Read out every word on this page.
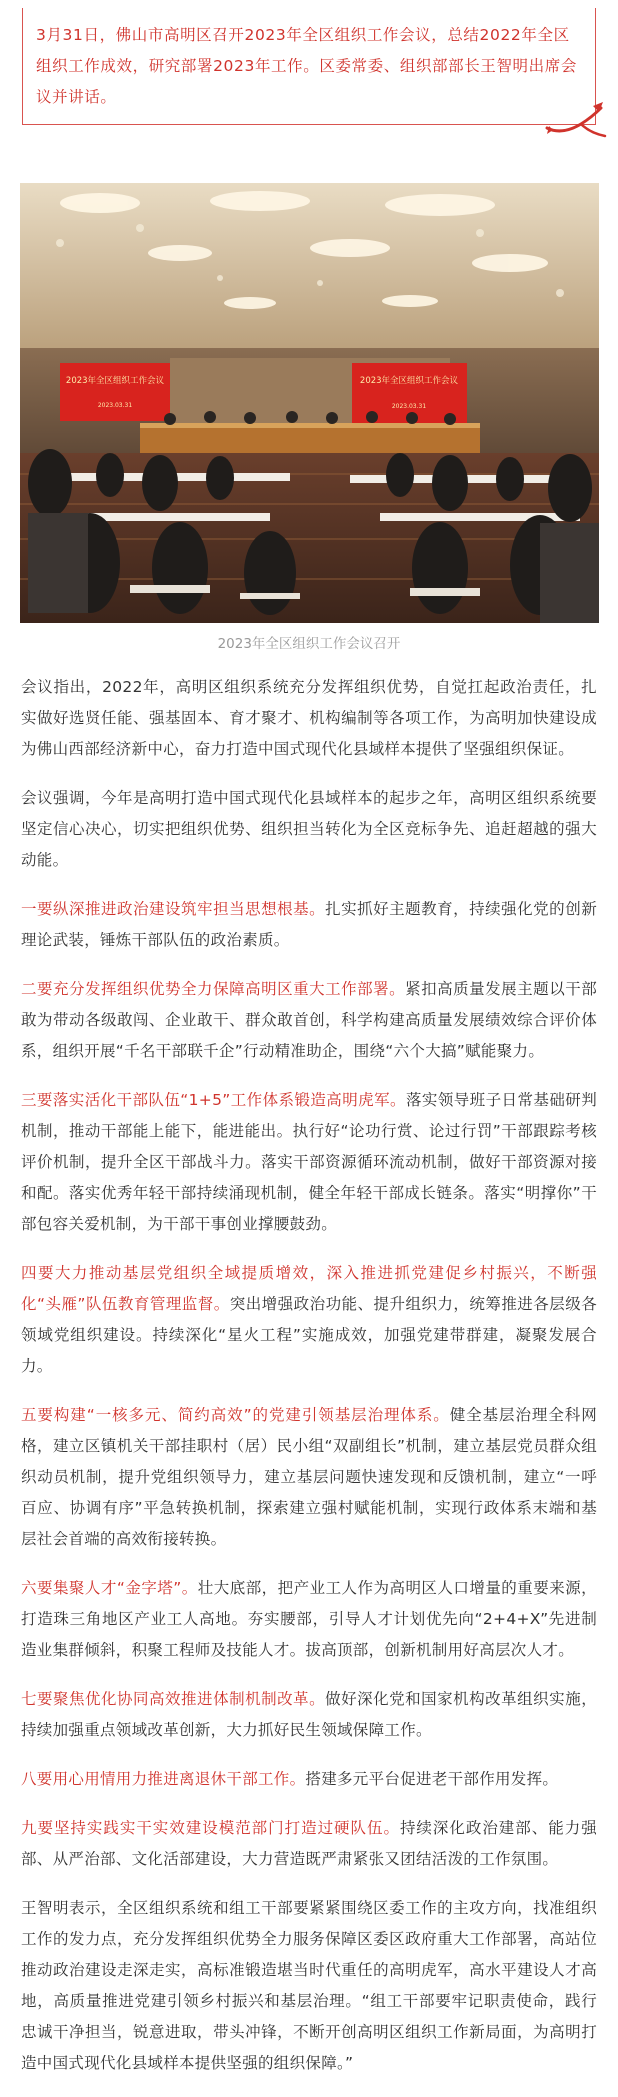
3月31日，佛山市高明区召开2023年全区组织工作会议，总结2022年全区组织工作成效，研究部署2023年工作。区委常委、组织部部长王智明出席会议并讲话。
2023年全区组织工作会议
2023.03.31
2023年全区组织工作会议
2023.03.31
2023年全区组织工作会议召开

会议指出，2022年，高明区组织系统充分发挥组织优势，自觉扛起政治责任，扎实做好选贤任能、强基固本、育才聚才、机构编制等各项工作，为高明加快建设成为佛山西部经济新中心，奋力打造中国式现代化县域样本提供了坚强组织保证。

会议强调，今年是高明打造中国式现代化县域样本的起步之年，高明区组织系统要坚定信心决心，切实把组织优势、组织担当转化为全区竞标争先、追赶超越的强大动能。

一要纵深推进政治建设筑牢担当思想根基。扎实抓好主题教育，持续强化党的创新理论武装，锤炼干部队伍的政治素质。

二要充分发挥组织优势全力保障高明区重大工作部署。紧扣高质量发展主题以干部敢为带动各级敢闯、企业敢干、群众敢首创，科学构建高质量发展绩效综合评价体系，组织开展“千名干部联千企”行动精准助企，围绕“六个大搞”赋能聚力。

三要落实活化干部队伍“1+5”工作体系锻造高明虎军。落实领导班子日常基础研判机制，推动干部能上能下，能进能出。执行好“论功行赏、论过行罚”干部跟踪考核评价机制，提升全区干部战斗力。落实干部资源循环流动机制，做好干部资源对接和配。落实优秀年轻干部持续涌现机制，健全年轻干部成长链条。落实“明撑你”干部包容关爱机制，为干部干事创业撑腰鼓劲。

四要大力推动基层党组织全域提质增效，深入推进抓党建促乡村振兴，不断强化“头雁”队伍教育管理监督。突出增强政治功能、提升组织力，统筹推进各层级各领域党组织建设。持续深化“星火工程”实施成效，加强党建带群建，凝聚发展合力。

五要构建“一核多元、简约高效”的党建引领基层治理体系。健全基层治理全科网格，建立区镇机关干部挂职村（居）民小组“双副组长”机制，建立基层党员群众组织动员机制，提升党组织领导力，建立基层问题快速发现和反馈机制，建立“一呼百应、协调有序”平急转换机制，探索建立强村赋能机制，实现行政体系末端和基层社会首端的高效衔接转换。

六要集聚人才“金字塔”。壮大底部，把产业工人作为高明区人口增量的重要来源，打造珠三角地区产业工人高地。夯实腰部，引导人才计划优先向“2+4+X”先进制造业集群倾斜，积聚工程师及技能人才。拔高顶部，创新机制用好高层次人才。

七要聚焦优化协同高效推进体制机制改革。做好深化党和国家机构改革组织实施，持续加强重点领域改革创新，大力抓好民生领域保障工作。

八要用心用情用力推进离退休干部工作。搭建多元平台促进老干部作用发挥。

九要坚持实践实干实效建设模范部门打造过硬队伍。持续深化政治建部、能力强部、从严治部、文化活部建设，大力营造既严肃紧张又团结活泼的工作氛围。

王智明表示，全区组织系统和组工干部要紧紧围绕区委工作的主攻方向，找准组织工作的发力点，充分发挥组织优势全力服务保障区委区政府重大工作部署，高站位推动政治建设走深走实，高标准锻造堪当时代重任的高明虎军，高水平建设人才高地，高质量推进党建引领乡村振兴和基层治理。“组工干部要牢记职责使命，践行忠诚干净担当，锐意进取，带头冲锋，不断开创高明区组织工作新局面，为高明打造中国式现代化县域样本提供坚强的组织保障。”
